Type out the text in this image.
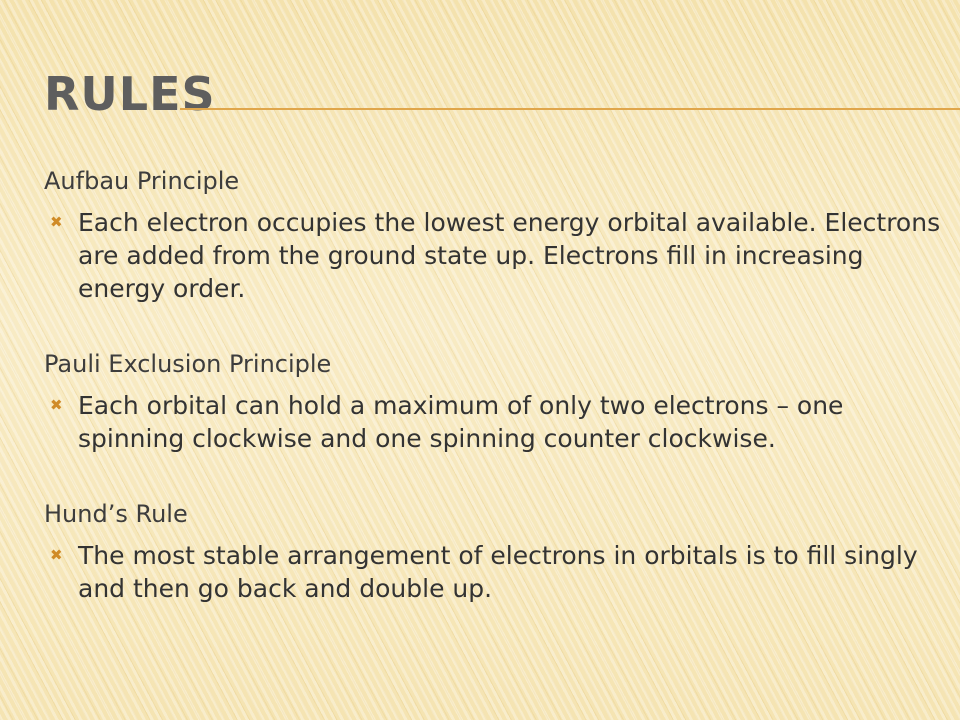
RULES

Aufbau Principle

✖ Each electron occupies the lowest energy orbital available. Electrons are added from the ground state up. Electrons fill in increasing energy order.

Pauli Exclusion Principle

✖ Each orbital can hold a maximum of only two electrons – one spinning clockwise and one spinning counter clockwise.

Hund’s Rule

✖ The most stable arrangement of electrons in orbitals is to fill singly and then go back and double up.
